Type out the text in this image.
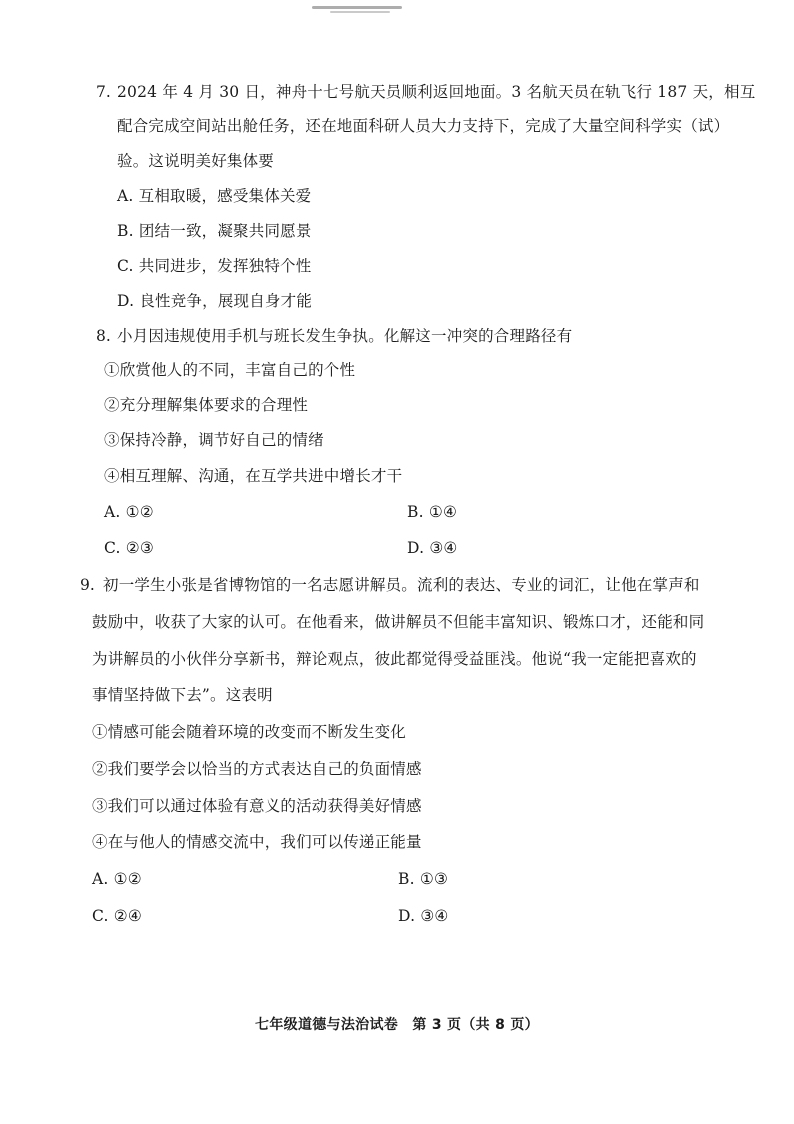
7. 2024 年 4 月 30 日，神舟十七号航天员顺利返回地面。3 名航天员在轨飞行 187 天，相互
配合完成空间站出舱任务，还在地面科研人员大力支持下，完成了大量空间科学实（试）
验。这说明美好集体要
A. 互相取暖，感受集体关爱
B. 团结一致，凝聚共同愿景
C. 共同进步，发挥独特个性
D. 良性竞争，展现自身才能
8. 小月因违规使用手机与班长发生争执。化解这一冲突的合理路径有
①欣赏他人的不同，丰富自己的个性
②充分理解集体要求的合理性
③保持冷静，调节好自己的情绪
④相互理解、沟通，在互学共进中增长才干
A. ①②	B. ①④
C. ②③	D. ③④
9. 初一学生小张是省博物馆的一名志愿讲解员。流利的表达、专业的词汇，让他在掌声和
鼓励中，收获了大家的认可。在他看来，做讲解员不但能丰富知识、锻炼口才，还能和同
为讲解员的小伙伴分享新书，辩论观点，彼此都觉得受益匪浅。他说“我一定能把喜欢的
事情坚持做下去”。这表明
①情感可能会随着环境的改变而不断发生变化
②我们要学会以恰当的方式表达自己的负面情感
③我们可以通过体验有意义的活动获得美好情感
④在与他人的情感交流中，我们可以传递正能量
A. ①②	B. ①③
C. ②④	D. ③④
七年级道德与法治试卷　第 3 页（共 8 页）
